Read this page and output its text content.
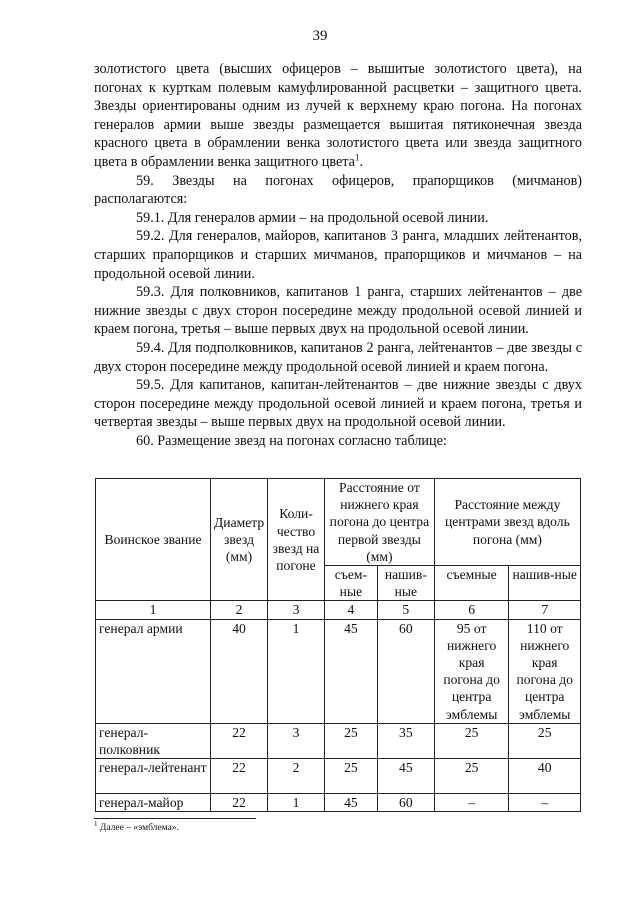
39

золотистого цвета (высших офицеров – вышитые золотистого цвета), на погонах к курткам полевым камуфлированной расцветки – защитного цвета. Звезды ориентированы одним из лучей к верхнему краю погона. На погонах генералов армии выше звезды размещается вышитая пятиконечная звезда красного цвета в обрамлении венка золотистого цвета или звезда защитного цвета в обрамлении венка защитного цвета$^1$.

59. Звезды на погонах офицеров, прапорщиков (мичманов) располагаются:

59.1. Для генералов армии – на продольной осевой линии.

59.2. Для генералов, майоров, капитанов 3 ранга, младших лейтенантов, старших прапорщиков и старших мичманов, прапорщиков и мичманов – на продольной осевой линии.

59.3. Для полковников, капитанов 1 ранга, старших лейтенантов – две нижние звезды с двух сторон посередине между продольной осевой линией и краем погона, третья – выше первых двух на продольной осевой линии.

59.4. Для подполковников, капитанов 2 ранга, лейтенантов – две звезды с двух сторон посередине между продольной осевой линией и краем погона.

59.5. Для капитанов, капитан-лейтенантов – две нижние звезды с двух сторон посередине между продольной осевой линией и краем погона, третья и четвертая звезды – выше первых двух на продольной осевой линии.

60. Размещение звезд на погонах согласно таблице:

Воинское звание	Диаметр звезд (мм)	Коли-чество звезд на погоне	Расстояние от нижнего края погона до центра первой звезды (мм)		Расстояние между центрами звезд вдоль погона (мм)	
			съем-ные	нашив-ные	съемные	нашив-ные
1	2	3	4	5	6	7
генерал армии	40	1	45	60	95 от нижнего края погона до центра эмблемы	110 от нижнего края погона до центра эмблемы
генерал-полковник	22	3	25	35	25	25
генерал-лейтенант	22	2	25	45	25	40
генерал-майор	22	1	45	60	–	–
$^1$ Далее – «эмблема».
